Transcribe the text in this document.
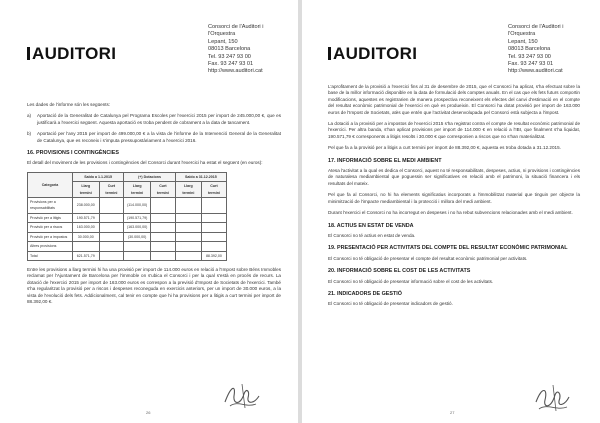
AUDITORI
Consorci de l'Auditori i
l'Orquestra
Lepant, 150
08013 Barcelona
Tel. 93 247 93 00
Fax. 93 247 93 01
http://www.auditori.cat

Les dades de l'informe són les següents:

a) Aportació de la Generalitat de Catalunya pel Programa Escoles per l'exercici 2015 per import de 245.000,00 €, que es justificarà a l'exercici següent. Aquesta aportació es troba pendent de cobrament a la data de tancament.

b) Aportació per l'any 2015 per import de 499.000,00 € a la vista de l'informe de la Intervenció General de la Generalitat de Catalunya, que es reconeix i s'imputa pressupostàriament a l'exercici 2016.

16. PROVISIONS I CONTINGÈNCIES

El detall del moviment de les provisions i contingències del Consorci durant l'exercici ha estat el següent (en euros):

Categoria	Saldo a 1.1.2015		(+) Dotacions		Saldo a 31.12.2015	
	Llarg termini	Curt termini	Llarg termini	Curt termini	Llarg termini	Curt termini
Provisions per a responsabilitats	238.000,00		(114.000,00)			
Provisió per a litigis	190.571,79		(190.571,79)			
Provisió per a riscos	163.000,00		(163.000,00)			
Provisió per a impostos	30.000,00		(30.000,00)			
Altres provisions						
Total	621.571,79					88.392,00

Entre les provisions a llarg termini hi ha una provisió per import de 114.000 euros en relació a l'Impost sobre Béns Immobles reclamat per l'Ajuntament de Barcelona per l'immoble on s'ubica el Consorci i per la qual s'està en procés de recurs. La dotació de l'exercici 2015 per import de 163.000 euros es correspon a la previsió d'Impost de Societats de l'exercici. També s'ha regularitzat la provisió per a riscos i despeses reconeguda en exercicis anteriors, per un import de 30.000 euros, a la vista de l'evolució dels fets. Addicionalment, cal tenir en compte que hi ha provisions per a litigis a curt termini per import de 88.392,00 €.

26
AUDITORI
Consorci de l'Auditori i
l'Orquestra
Lepant, 150
08013 Barcelona
Tel. 93 247 93 00
Fax. 93 247 93 01
http://www.auditori.cat

L'aprofitament de la provisió a l'exercici fins al 31 de desembre de 2015, que el Consorci ha aplicat, s'ha efectuat sobre la base de la millor informació disponible en la data de formulació dels comptes anuals. En el cas que els fets futurs comportin modificacions, aquestes es registrarien de manera prospectiva reconeixent els efectes del canvi d'estimació en el compte del resultat econòmic patrimonial de l'exercici en què es produeixin. El Consorci ha dotat provisió per import de 163.000 euros de l'Impost de Societats, atès que entén que l'activitat desenvolupada pel Consorci està subjecta a l'impost.

La dotació a la provisió per a impostos de l'exercici 2015 s'ha registrat contra el compte de resultat econòmic patrimonial de l'exercici. Per altra banda, s'han aplicat provisions per import de 114.000 € en relació a l'IBI, que finalment s'ha liquidat, 190.571,79 € corresponents a litigis resolts i 30.000 € que corresponien a riscos que no s'han materialitzat.

Pel que fa a la provisió per a litigis a curt termini per import de 88.392,00 €, aquesta es troba dotada a 31.12.2015.

17. INFORMACIÓ SOBRE EL MEDI AMBIENT

Atesa l'activitat a la qual es dedica el Consorci, aquest no té responsabilitats, despeses, actius, ni provisions i contingències de naturalesa mediambiental que poguessin ser significatives en relació amb el patrimoni, la situació financera i els resultats del mateix.

Pel que fa al Consorci, no hi ha elements significatius incorporats a l'immobilitzat material que tinguin per objecte la minimització de l'impacte mediambiental i la protecció i millora del medi ambient.

Durant l'exercici el Consorci no ha incorregut en despeses i no ha rebut subvencions relacionades amb el medi ambient.

18. ACTIUS EN ESTAT DE VENDA

El Consorci no té actius en estat de venda.

19. PRESENTACIÓ PER ACTIVITATS DEL COMPTE DEL RESULTAT ECONÒMIC PATRIMONIAL

El Consorci no té obligació de presentar el compte del resultat econòmic patrimonial per activitats.

20. INFORMACIÓ SOBRE EL COST DE LES ACTIVITATS

El Consorci no té obligació de presentar informació sobre el cost de les activitats.

21. INDICADORS DE GESTIÓ

El Consorci no té obligació de presentar indicadors de gestió.

27
